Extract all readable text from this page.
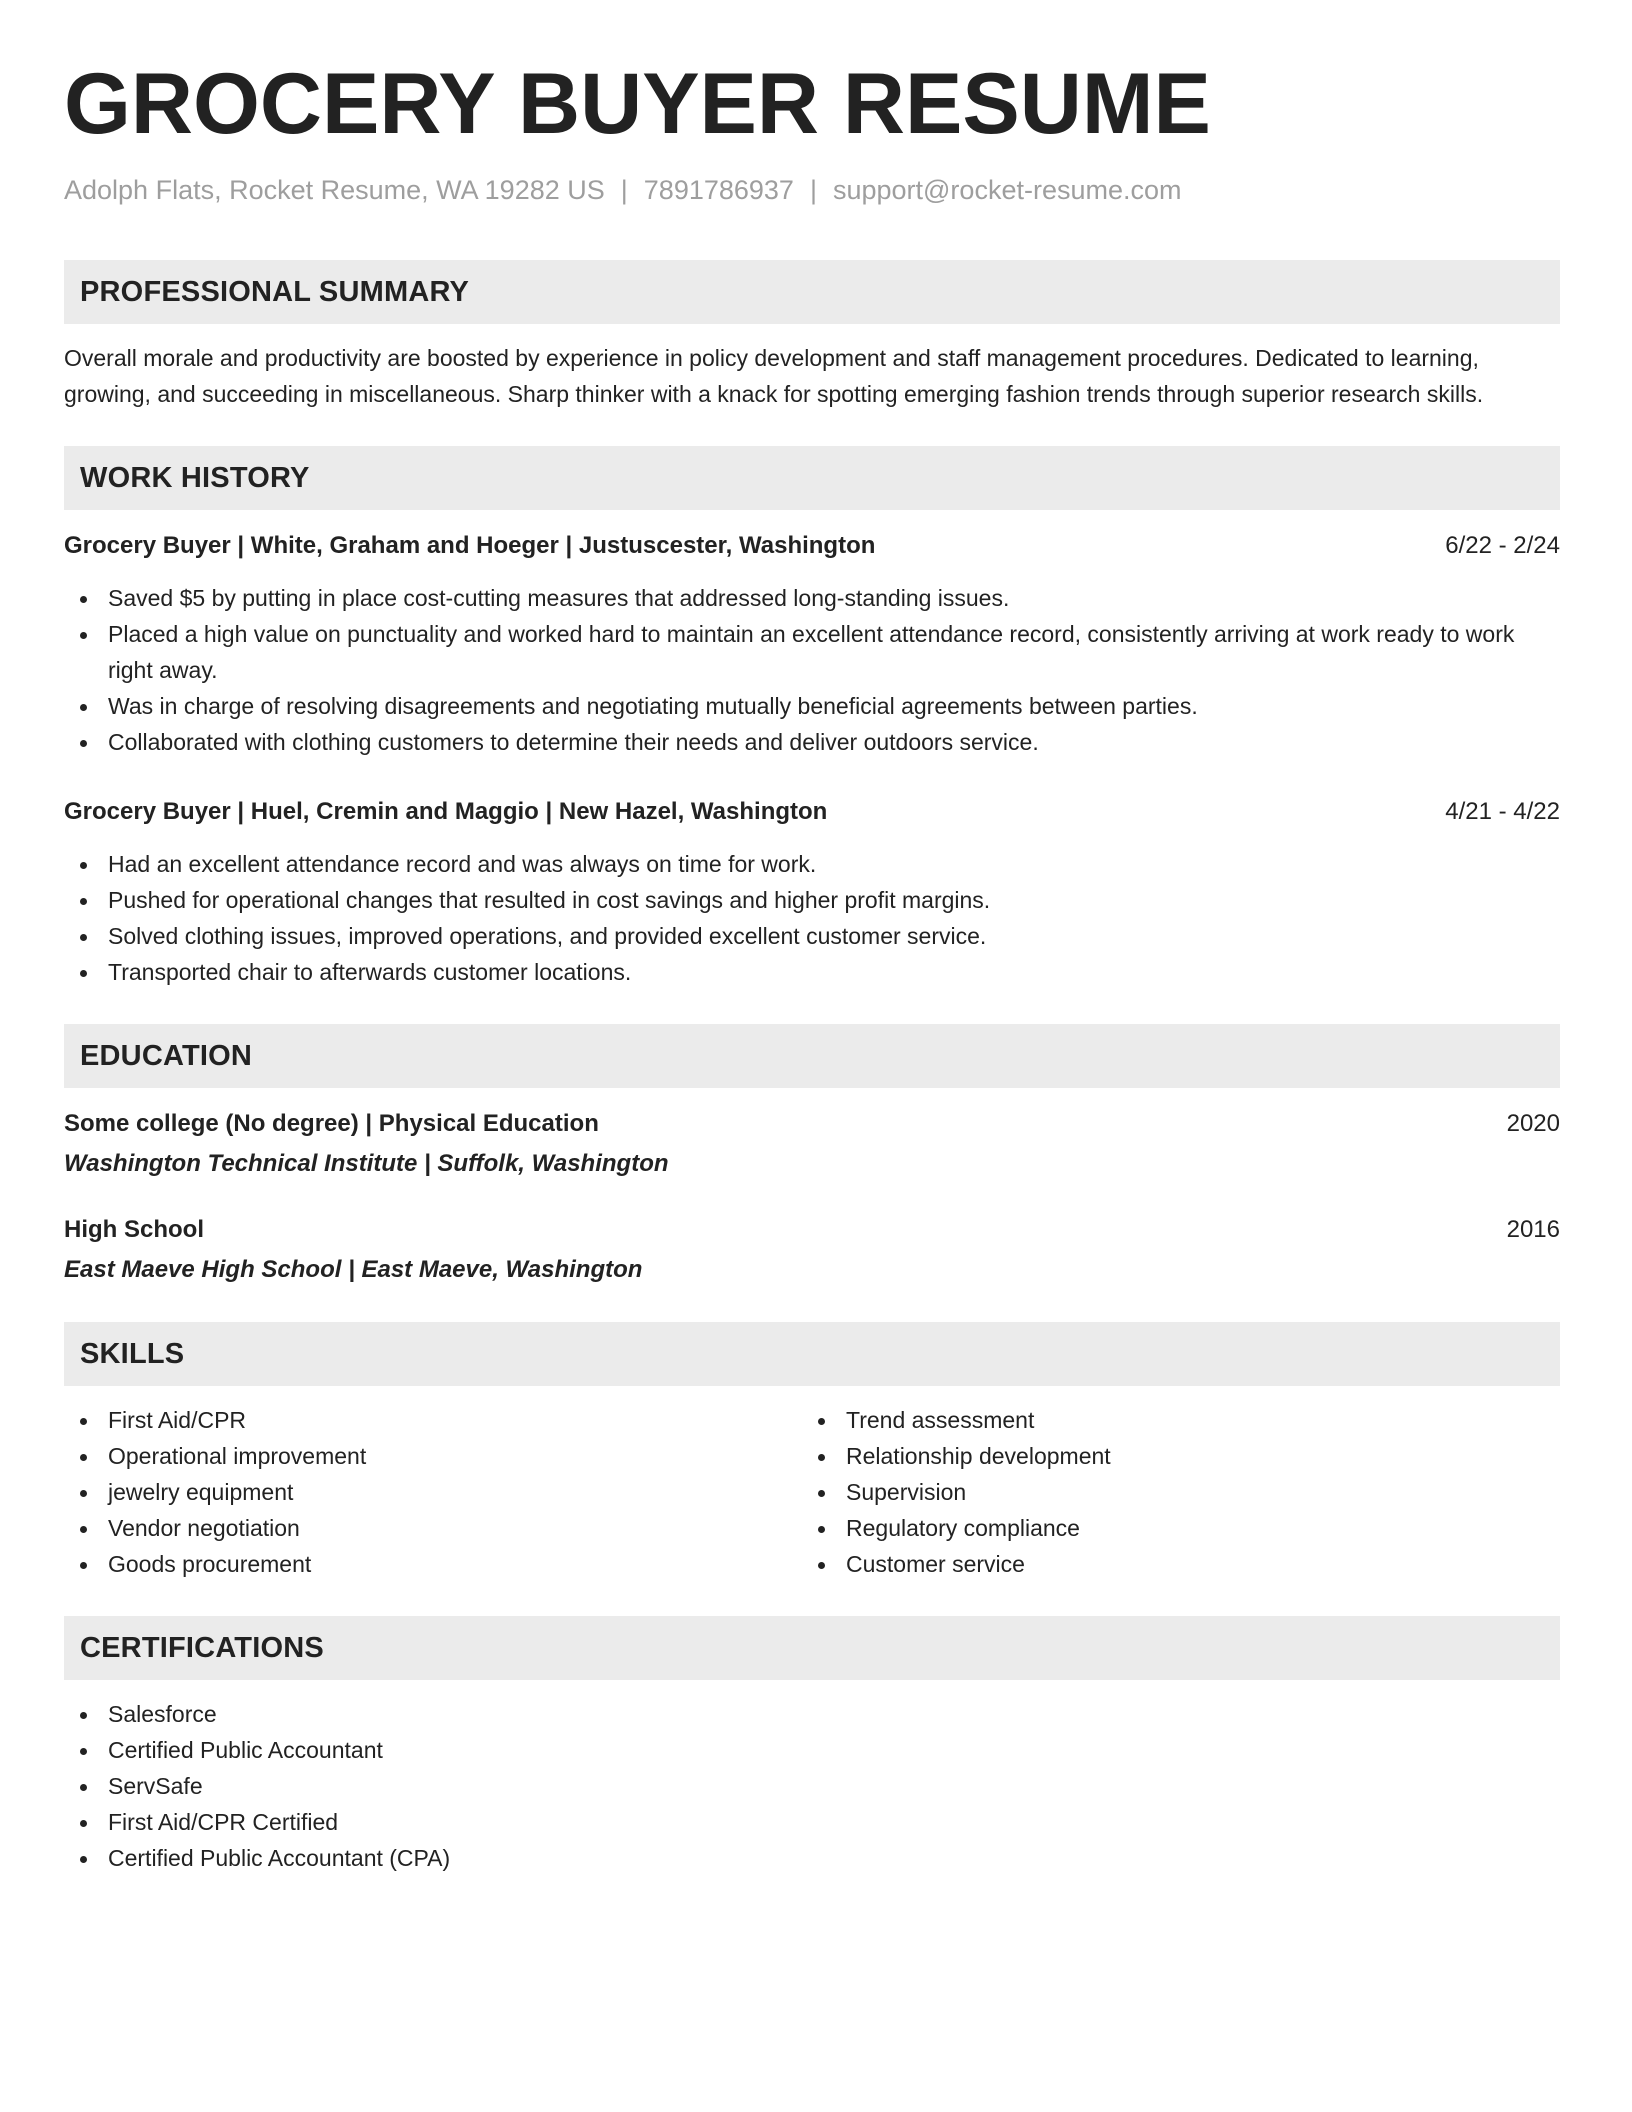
GROCERY BUYER RESUME
Adolph Flats, Rocket Resume, WA 19282 US | 7891786937 | support@rocket-resume.com
PROFESSIONAL SUMMARY
Overall morale and productivity are boosted by experience in policy development and staff management procedures. Dedicated to learning, growing, and succeeding in miscellaneous. Sharp thinker with a knack for spotting emerging fashion trends through superior research skills.
WORK HISTORY
Grocery Buyer | White, Graham and Hoeger | Justuscester, Washington	6/22 - 2/24
Saved $5 by putting in place cost-cutting measures that addressed long-standing issues.
Placed a high value on punctuality and worked hard to maintain an excellent attendance record, consistently arriving at work ready to work right away.
Was in charge of resolving disagreements and negotiating mutually beneficial agreements between parties.
Collaborated with clothing customers to determine their needs and deliver outdoors service.
Grocery Buyer | Huel, Cremin and Maggio | New Hazel, Washington	4/21 - 4/22
Had an excellent attendance record and was always on time for work.
Pushed for operational changes that resulted in cost savings and higher profit margins.
Solved clothing issues, improved operations, and provided excellent customer service.
Transported chair to afterwards customer locations.
EDUCATION
Some college (No degree) | Physical Education	2020
Washington Technical Institute | Suffolk, Washington
High School	2016
East Maeve High School | East Maeve, Washington
SKILLS
First Aid/CPR
Operational improvement
jewelry equipment
Vendor negotiation
Goods procurement
Trend assessment
Relationship development
Supervision
Regulatory compliance
Customer service
CERTIFICATIONS
Salesforce
Certified Public Accountant
ServSafe
First Aid/CPR Certified
Certified Public Accountant (CPA)
